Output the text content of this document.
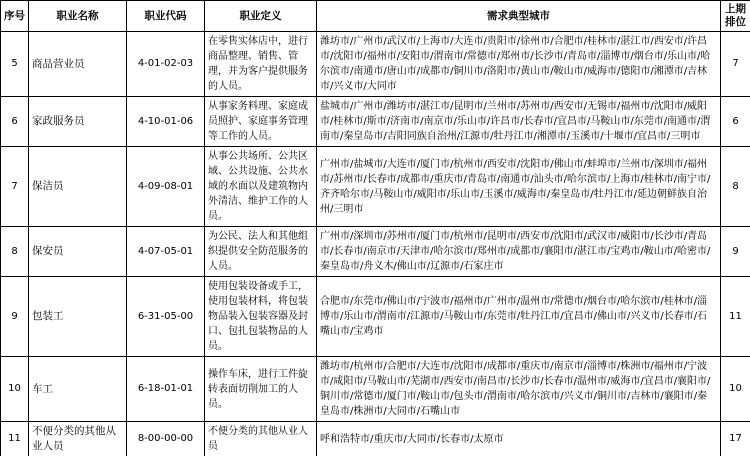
序号	职业名称	职业代码	职业定义	需求典型城市	上期
排位

5	商品营业员	4-01-02-03	在零售实体店中，进行商品整理、销售、管理，并为客户提供服务的人员。	潍坊市/广州市/武汉市/上海市/大连市/贵阳市/徐州市/合肥市/桂林市/湛江市/西安市/许昌市/沈阳市/福州市/安阳市/渭南市/常德市/郑州市/长沙市/青岛市/淄博市/烟台市/乐山市/哈尔滨市/南通市/唐山市/成都市/铜川市/洛阳市/黄山市/鞍山市/威海市/德阳市/湘潭市/吉林市/兴义市/大同市	7
6	家政服务员	4-10-01-06	从事家务料理、家庭成员照护、家庭事务管理等工作的人员。	盐城市/广州市/潍坊市/湛江市/昆明市/兰州市/苏州市/西安市/无锡市/福州市/沈阳市/威阳市/桂林市/斯市/济南市/南京市/乐山市/许昌市/长春市/宜昌市/马鞍山市/东莞市/南通市/渭南市/秦皇岛市/吉阳同族自治州/江源市/牡丹江市/湘潭市/玉溪市/十堰市/宜昌市/三明市	6
7	保洁员	4-09-08-01	从事公共场所、公共区域、公共设施、公共水域的水面以及建筑物内外清洁、维护工作的人员。	广州市/盐城市/大连市/厦门市/杭州市/西安市/沈阳市/佛山市/蚌埠市/兰州市/深圳市/福州市/苏州市/长春市/成都市/重庆市/青岛市/南通市/汕头市/哈尔滨市/上海市/桂林市/南宁市/齐齐哈尔市/马鞍山市/威阳市/乐山市/玉溪市/威海市/秦皇岛市/牡丹江市/延边朝鲜族自治州/三明市	8
8	保安员	4-07-05-01	为公民、法人和其他组织提供安全防范服务的人员。	广州市/深圳市/苏州市/厦门市/杭州市/昆明市/西安市/沈阳市/武汉市/威阳市/长沙市/青岛市/长春市/南京市/天津市/哈尔滨市/郑州市/成都市/襄阳市/湛江市/宝鸡市/鞍山市/哈密市/秦皇岛市/舟义木/佛山市/辽源市/石家庄市	9
9	包装工	6-31-05-00	使用包装设备或手工，使用包装材料，将包装物品装入包装容器及封口、包扎包装物品的人员。	合肥市/东莞市/佛山市/宁波市/福州市/广州市/温州市/常德市/烟台市/哈尔滨市/桂林市/淄博市/乐山市/渭南市/江源市/马鞍山市/东莞市/牡丹江市/宜昌市/佛山市/兴义市/长春市/石嘴山市/宝鸡市	11
10	车工	6-18-01-01	操作车床，进行工件旋转表面切削加工的人员。	潍坊市/杭州市/合肥市/大连市/沈阳市/成都市/重庆市/南京市/淄博市/株洲市/福州市/宁波市/咸阳市/马鞍山市/芜湖市/西安市/南昌市/长沙市/长春市/温州市/威海市/宜昌市/襄阳市/铜川市/常德市/厦门市/鞍山市/包头市/渭南市/哈尔滨市/兴义市/铜川市/吉林市/襄阳市/秦皇岛市/株洲市/大同市/石嘴山市	10
11	不便分类的其他从业人员	8-00-00-00	不便分类的其他从业人员	呼和浩特市/重庆市/大同市/长春市/太原市	17
